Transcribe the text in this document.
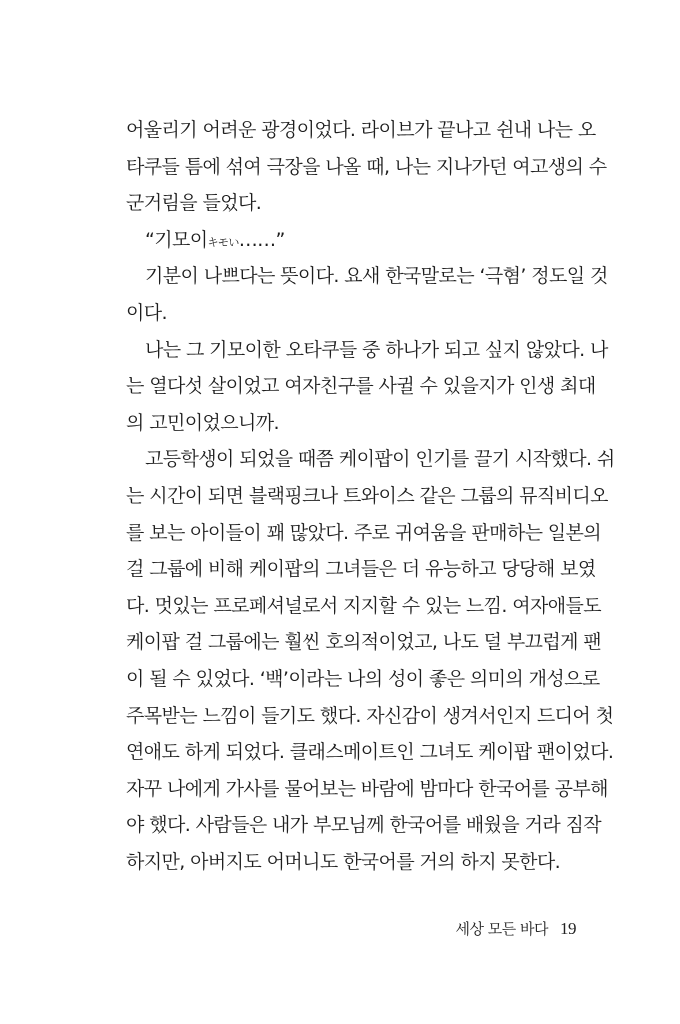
어울리기 어려운 광경이었다. 라이브가 끝나고 쉰내 나는 오
타쿠들 틈에 섞여 극장을 나올 때, 나는 지나가던 여고생의 수
군거림을 들었다.
“기모이キモい……”
기분이 나쁘다는 뜻이다. 요새 한국말로는 ‘극혐’ 정도일 것
이다.
나는 그 기모이한 오타쿠들 중 하나가 되고 싶지 않았다. 나
는 열다섯 살이었고 여자친구를 사귈 수 있을지가 인생 최대
의 고민이었으니까.
고등학생이 되었을 때쯤 케이팝이 인기를 끌기 시작했다. 쉬
는 시간이 되면 블랙핑크나 트와이스 같은 그룹의 뮤직비디오
를 보는 아이들이 꽤 많았다. 주로 귀여움을 판매하는 일본의
걸 그룹에 비해 케이팝의 그녀들은 더 유능하고 당당해 보였
다. 멋있는 프로페셔널로서 지지할 수 있는 느낌. 여자애들도
케이팝 걸 그룹에는 훨씬 호의적이었고, 나도 덜 부끄럽게 팬
이 될 수 있었다. ‘백’이라는 나의 성이 좋은 의미의 개성으로
주목받는 느낌이 들기도 했다. 자신감이 생겨서인지 드디어 첫
연애도 하게 되었다. 클래스메이트인 그녀도 케이팝 팬이었다.
자꾸 나에게 가사를 물어보는 바람에 밤마다 한국어를 공부해
야 했다. 사람들은 내가 부모님께 한국어를 배웠을 거라 짐작
하지만, 아버지도 어머니도 한국어를 거의 하지 못한다.
세상 모든 바다 19
